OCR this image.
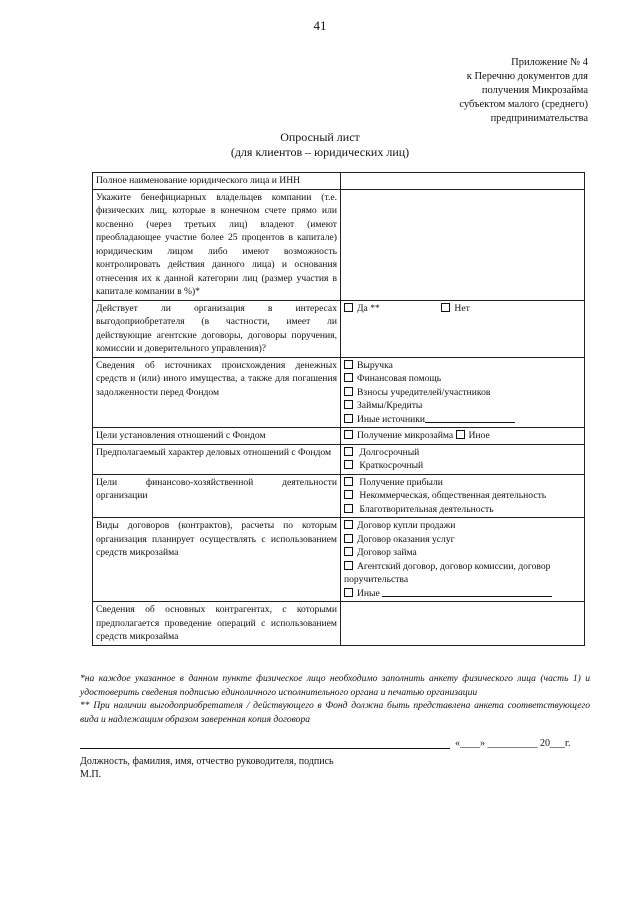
41
Приложение № 4
к Перечню документов для
получения Микрозайма
субъектом малого (среднего)
предпринимательства
Опросный лист
(для клиентов – юридических лиц)
Полное наименование юридического лица и ИНН	
Укажите бенефициарных владельцев компании (т.е. физических лиц, которые в конечном счете прямо или косвенно (через третьих лиц) владеют (имеют преобладающее участие более 25 процентов в капитале) юридическим лицом либо имеют возможность контролировать действия данного лица) и основания отнесения их к данной категории лиц (размер участия в капитале компании в %)*	
Действует ли организация в интересах выгодоприобретателя (в частности, имеет ли действующие агентские договоры, договоры поручения, комиссии и доверительного управления)?	Да ** Нет
Сведения об источниках происхождения денежных средств и (или) иного имущества, а также для погашения задолженности перед Фондом	Выручка
Финансовая помощь
Взносы учредителей/участников
Займы/Кредиты
Иные источники

Цели установления отношений с Фондом	Получение микрозайма Иное
Предполагаемый характер деловых отношений с Фондом	Долгосрочный
Краткосрочный

Цели финансово-хозяйственной деятельности организации	Получение прибыли
Некоммерческая, общественная деятельность
Благотворительная деятельность

Виды договоров (контрактов), расчеты по которым организация планирует осуществлять с использованием средств микрозайма	Договор купли продажи
Договор оказания услуг
Договор займа
Агентский договор, договор комиссии, договор поручительства
Иные

Сведения об основных контрагентах, с которыми предполагается проведение операций с использованием средств микрозайма	
*на каждое указанное в данном пункте физическое лицо необходимо заполнить анкету физического лица (часть 1) и удостоверить сведения подписью единоличного исполнительного органа и печатью организации
** При наличии выгодоприобретателя / действующего в Фонд должна быть представлена анкета соответствующего вида и надлежащим образом заверенная копия договора
«____» __________ 20___г.
Должность, фамилия, имя, отчество руководителя, подпись
М.П.
